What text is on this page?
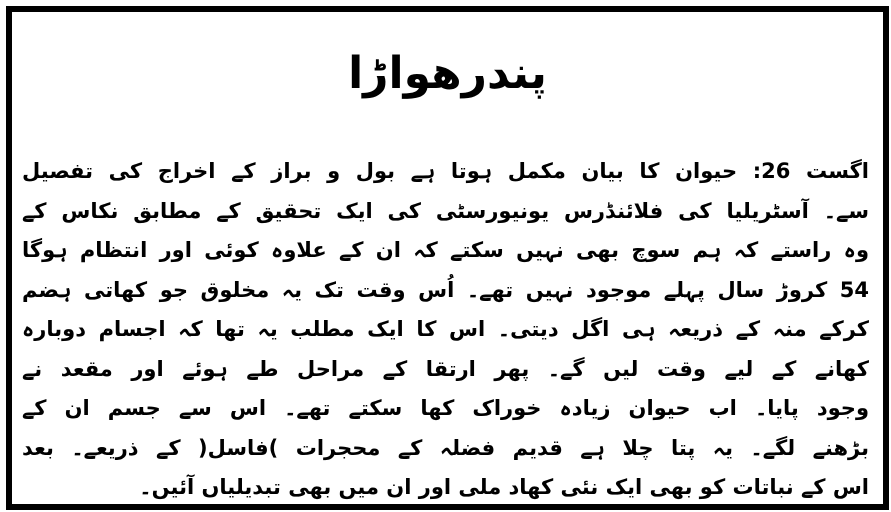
پندرھواڑا
اگست 26: حیوان کا بیان مکمل ہوتا ہے بول و براز کے اخراج کی تفصیل
سے۔ آسٹریلیا کی فلائنڈرس یونیورسٹی کی ایک تحقیق کے مطابق نکاس کے
وہ راستے کہ ہم سوچ بھی نہیں سکتے کہ ان کے علاوہ کوئی اور انتظام ہوگا
54 کروڑ سال پہلے موجود نہیں تھے۔ اُس وقت تک یہ مخلوق جو کھاتی ہضم
کرکے منہ کے ذریعہ ہی اگل دیتی۔ اس کا ایک مطلب یہ تھا کہ اجسام دوبارہ
کھانے کے لیے وقت لیں گے۔ پھر ارتقا کے مراحل طے ہوئے اور مقعد نے
وجود پایا۔ اب حیوان زیادہ خوراک کھا سکتے تھے۔ اس سے جسم ان کے
بڑھنے لگے۔ یہ پتا چلا ہے قدیم فضلہ کے محجرات )فاسل( کے ذریعے۔ بعد
اس کے نباتات کو بھی ایک نئی کھاد ملی اور ان میں بھی تبدیلیاں آئیں۔
